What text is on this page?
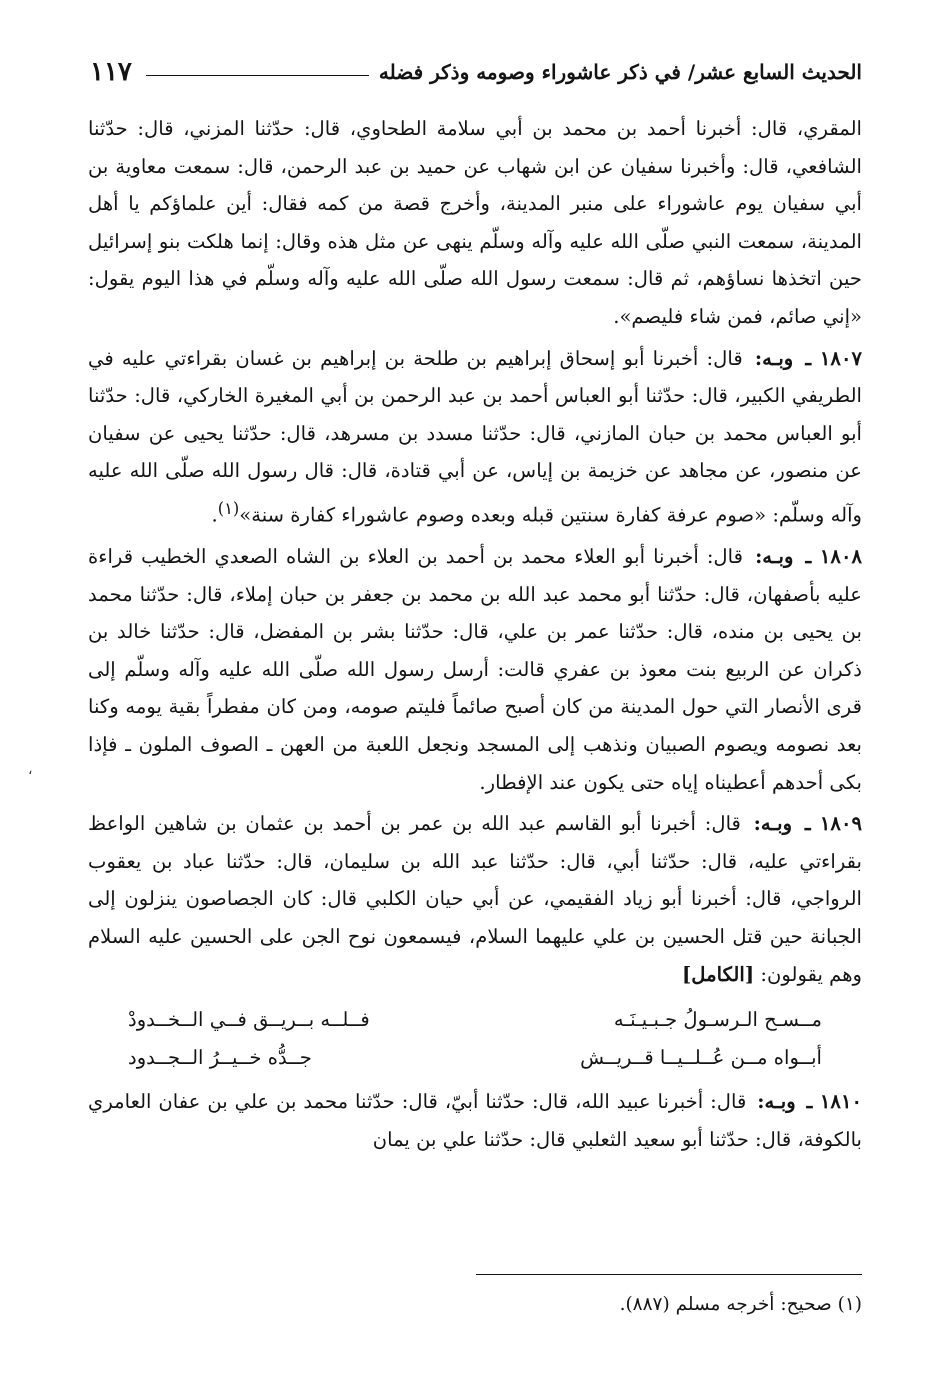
الحديث السابع عشر/ في ذكر عاشوراء وصومه وذكر فضله
١١٧

المقري، قال: أخبرنا أحمد بن محمد بن أبي سلامة الطحاوي، قال: حدّثنا المزني، قال: حدّثنا الشافعي، قال: وأخبرنا سفيان عن ابن شهاب عن حميد بن عبد الرحمن، قال: سمعت معاوية بن أبي سفيان يوم عاشوراء على منبر المدينة، وأخرج قصة من كمه فقال: أين علماؤكم يا أهل المدينة، سمعت النبي صلّى الله عليه وآله وسلّم ينهى عن مثل هذه وقال: إنما هلكت بنو إسرائيل حين اتخذها نساؤهم، ثم قال: سمعت رسول الله صلّى الله عليه وآله وسلّم في هذا اليوم يقول: «إني صائم، فمن شاء فليصم».

١٨٠٧ ـ وبـه: قال: أخبرنا أبو إسحاق إبراهيم بن طلحة بن إبراهيم بن غسان بقراءتي عليه في الطريفي الكبير، قال: حدّثنا أبو العباس أحمد بن عبد الرحمن بن أبي المغيرة الخاركي، قال: حدّثنا أبو العباس محمد بن حبان المازني، قال: حدّثنا مسدد بن مسرهد، قال: حدّثنا يحيى عن سفيان عن منصور، عن مجاهد عن خزيمة بن إياس، عن أبي قتادة، قال: قال رسول الله صلّى الله عليه وآله وسلّم: «صوم عرفة كفارة سنتين قبله وبعده وصوم عاشوراء كفارة سنة»$^{(١)}$.

١٨٠٨ ـ وبـه: قال: أخبرنا أبو العلاء محمد بن أحمد بن العلاء بن الشاه الصعدي الخطيب قراءة عليه بأصفهان، قال: حدّثنا أبو محمد عبد الله بن محمد بن جعفر بن حبان إملاء، قال: حدّثنا محمد بن يحيى بن منده، قال: حدّثنا عمر بن علي، قال: حدّثنا بشر بن المفضل، قال: حدّثنا خالد بن ذكران عن الربيع بنت معوذ بن عفري قالت: أرسل رسول الله صلّى الله عليه وآله وسلّم إلى قرى الأنصار التي حول المدينة من كان أصبح صائماً فليتم صومه، ومن كان مفطراً بقية يومه وكنا بعد نصومه ويصوم الصبيان ونذهب إلى المسجد ونجعل اللعبة من العهن ـ الصوف الملون ـ فإذا بكى أحدهم أعطيناه إياه حتى يكون عند الإفطار.

١٨٠٩ ـ وبـه: قال: أخبرنا أبو القاسم عبد الله بن عمر بن أحمد بن عثمان بن شاهين الواعظ بقراءتي عليه، قال: حدّثنا أبي، قال: حدّثنا عبد الله بن سليمان، قال: حدّثنا عباد بن يعقوب الرواجي، قال: أخبرنا أبو زياد الفقيمي، عن أبي حيان الكلبي قال: كان الجصاصون ينزلون إلى الجبانة حين قتل الحسين بن علي عليهما السلام، فيسمعون نوح الجن على الحسين عليه السلام وهم يقولون: [الكامل]

مــسـح الـرسـولُ جـبـيـنَـه
فــلــه بــريــق فــي الــخــدودْ
أبــواه مــن عُــلــيــا قــريــش
جــدُّه خــيــرُ الــجــدود

١٨١٠ ـ وبـه: قال: أخبرنا عبيد الله، قال: حدّثنا أبيّ، قال: حدّثنا محمد بن علي بن عفان العامري بالكوفة، قال: حدّثنا أبو سعيد الثعلبي قال: حدّثنا علي بن يمان

(١) صحيح: أخرجه مسلم (٨٨٧).
،
